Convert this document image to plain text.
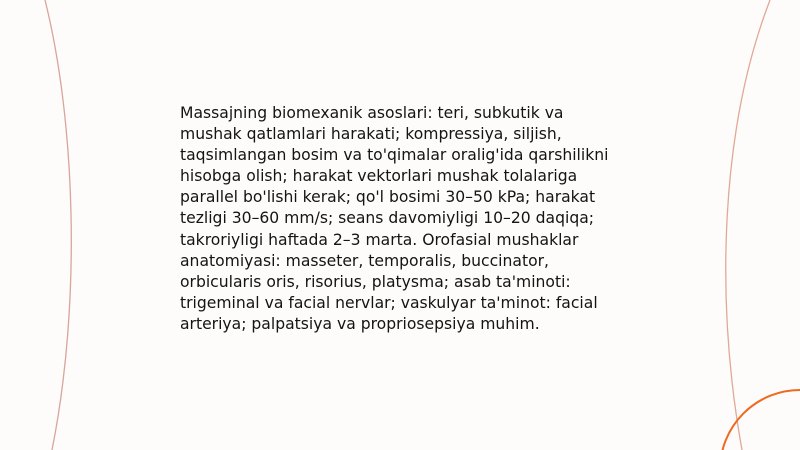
Massajning biomexanik asoslari: teri, subkutik va mushak qatlamlari harakati; kompressiya, siljish, taqsimlangan bosim va to'qimalar oralig'ida qarshilikni hisobga olish; harakat vektorlari mushak tolalariga parallel bo'lishi kerak; qo'l bosimi 30–50 kPa; harakat tezligi 30–60 mm/s; seans davomiyligi 10–20 daqiqa; takroriyligi haftada 2–3 marta. Orofasial mushaklar anatomiyasi: masseter, temporalis, buccinator, orbicularis oris, risorius, platysma; asab ta'minoti: trigeminal va facial nervlar; vaskulyar ta'minot: facial arteriya; palpatsiya va propriosepsiya muhim.
